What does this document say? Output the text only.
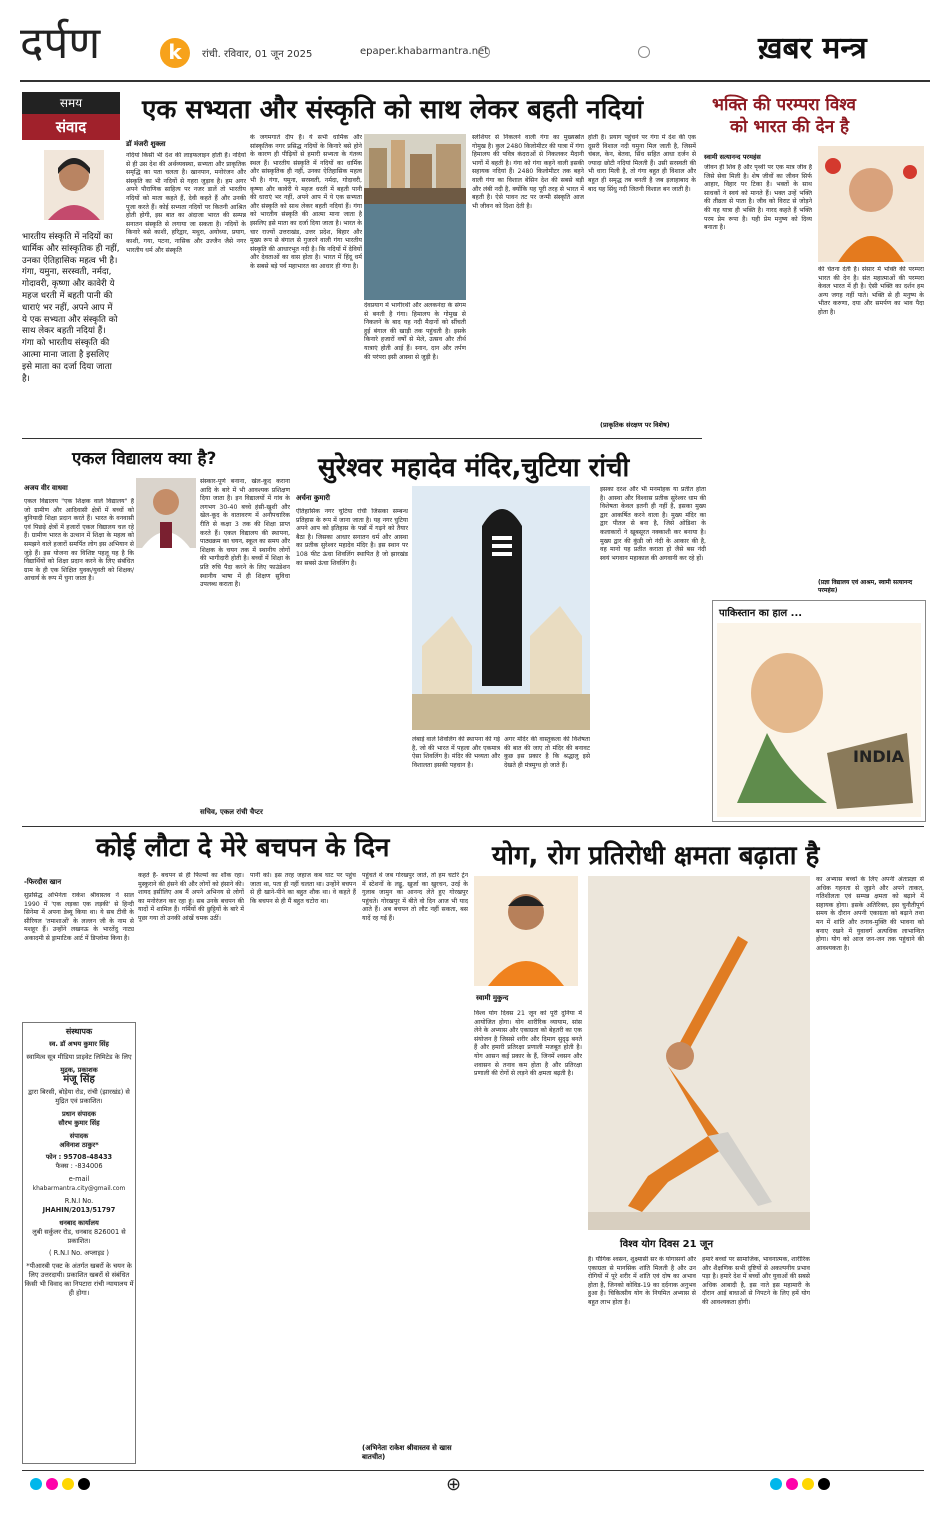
दर्पण	k	रांची. रविवार, 01 जून 2025	epaper.khabarmantra.net	ख़बर मन्त्र
समय
संवाद
भारतीय संस्कृति में नदियों का धार्मिक और सांस्कृतिक ही नहीं, उनका ऐतिहासिक महत्व भी है। गंगा, यमुना, सरस्वती, नर्मदा, गोदावरी, कृष्णा और कावेरी ये महज धरती में बहती पानी की धाराएं भर नहीं, अपने आप में ये एक सभ्यता और संस्कृति को साथ लेकर बहती नदियां हैं। गंगा को भारतीय संस्कृति की आत्मा माना जाता है इसलिए इसे माता का दर्जा दिया जाता है।
एक सभ्यता और संस्कृति को साथ लेकर बहती नदियां
डॉ मंजरी शुक्ला
नदियां किसी भी देश की लाइफलाइन होती हैं। नदियों से ही उस देश की अर्थव्यवस्था, सभ्यता और प्राकृतिक समृद्धि का पता चलता है। खानपान, मनोरंजन और संस्कृति का भी नदियों से गहरा जुड़ाव है। हम अगर अपने पौराणिक साहित्य पर नजर डालें तो भारतीय नदियों को माता कहते हैं, देवी कहते हैं और उनकी पूजा करते हैं। कोई सभ्यता नदियों पर कितनी आश्रित होती होगी, इस बात का अंदाजा भारत की सम्पन्न सनातन संस्कृति से लगाया जा सकता है। नदियों के किनारे बसे काशी, हरिद्वार, मथुरा, अयोध्या, प्रयाग, काशी, गया, पटना, नासिक और उज्जैन जैसे नगर भारतीय धर्म और संस्कृति
के जगमगाते दीप हैं। ये सभी धार्मिक और सांस्कृतिक नगर प्रसिद्ध नदियों के किनारे बसे होने के कारण ही पीढ़ियों से हमारी सभ्यता के गंतव्य स्थल हैं। भारतीय संस्कृति में नदियों का धार्मिक और सांस्कृतिक ही नहीं, उनका ऐतिहासिक महत्व भी है। गंगा, यमुना, सरस्वती, नर्मदा, गोदावरी, कृष्णा और कावेरी ये महज धरती में बहती पानी की धाराएं भर नहीं, अपने आप में ये एक सभ्यता और संस्कृति को साथ लेकर बहती नदियां हैं। गंगा को भारतीय संस्कृति की आत्मा माना जाता है इसलिए इसे माता का दर्जा दिया जाता है। भारत के चार राज्यों उत्तराखंड, उत्तर प्रदेश, बिहार और मुख्य रूप से बंगाल से गुजरने वाली गंगा भारतीय संस्कृति की आधारभूत नदी है। कि नदियों में देवियों और देवताओं का वास होता है। भारत में हिंदू धर्म के सबसे बड़े पर्व महाभारत का आधार ही गंगा है।
देवप्रयाग में भागीरथी और अलकनंदा के संगम से बनती है गंगा। हिमालय के गोमुख से निकलने के बाद यह नदी मैदानों को सींचती हुई बंगाल की खाड़ी तक पहुंचती है। इसके किनारे हजारों वर्षों से मेले, उत्सव और तीर्थ यात्राएं होती आई हैं। स्नान, दान और तर्पण की परंपरा इसी आस्था से जुड़ी है।
स्लेशियर से निकलने वाली गंगा का मुख्यस्रोत गोमुख है। कुल 2480 किलोमीटर की यात्रा में गंगा हिमालय की पवित्र कंदराओं से निकलकर मैदानी भागों में बहती है। गंगा को गंगा कहने वाली इसकी सहायक नदियां हैं। 2480 किलोमीटर तक बहने वाली गंगा का विशाल बेसिन देश की सबसे बड़ी और लंबी नदी है, क्योंकि यह पूरी तरह से भारत में बहती है। ऐसे पावन तट पर जन्मी संस्कृति आज भी जीवन को दिशा देती है।
होती है। प्रयाग पहुंचने पर गंगा में देश की एक दूसरी विशाल नदी यमुना मिल जाती है, जिसमें चंबल, केन, बेतवा, सिंध सहित आधा दर्जन से ज्यादा छोटी नदियां मिलती हैं। उसी सरस्वती की भी धारा मिली है, तो गंगा बहुत ही विशाल और बहुत ही समृद्ध तब बनती है जब इलाहाबाद के बाद यह सिंधु नदी जितनी विशाल बन जाती है।
(प्राकृतिक संरक्षण पर विशेष)
भक्ति की परम्परा विश्व
को भारत की देन है
स्वामी सत्यानन्द परमहंस
जीवन ही शिव है और पृथ्वी पर एक मात्र जीव है जिसे सेवा मिली है। शेष जीवों का जीवन सिर्फ आहार, विहार पर टिका है। भक्तों के साथ साधकों ने स्वयं को मानते हैं। भक्त उन्हें भक्ति की तीव्रता से पाता है। जीव को विराट से जोड़ने की यह यात्रा ही भक्ति है। नारद कहते हैं भक्ति परम प्रेम रूपा है। यही प्रेम मनुष्य को दिव्य बनाता है।
की चेतना देती है। संसार में भक्ति की परम्परा भारत की देन है। संत महात्माओं की परम्परा केवल भारत में ही है। ऐसी भक्ति का दर्शन हम अन्य जगह नहीं पाते। भक्ति से ही मनुष्य के भीतर करुणा, दया और समर्पण का भाव पैदा होता है।
(प्रज्ञा विद्यालय एवं आश्रम, स्वामी सत्यानन्द परमहंस)
एकल विद्यालय क्या है?
अजय वीर वाधवा
एकल विद्यालय "एक शिक्षक वाले विद्यालय" हैं जो ग्रामीण और आदिवासी क्षेत्रों में बच्चों को बुनियादी शिक्षा प्रदान करते हैं। भारत के वनवासी एवं पिछड़े क्षेत्रों में हजारों एकल विद्यालय चल रहे हैं। ग्रामीण भारत के उत्थान में शिक्षा के महत्व को समझने वाले हजारों समर्पित लोग इस अभियान से जुड़े हैं। इस योजना का विशिष्ट पहलू यह है कि विद्यार्थियों को शिक्षा प्रदान करने के लिए संबंधित ग्राम के ही एक शिक्षित युवक/युवती को शिक्षक/आचार्य के रूप में चुना जाता है।
संस्कार-पूर्ण बनाना, खेल-कूद कराना आदि के बारे में भी आवश्यक प्रशिक्षण दिया जाता है। इन विद्यालयों में गांव के लगभग 30-40 बच्चे हंसी-खुशी और खेल-कूद के वातावरण में अनौपचारिक रीति से कक्षा 3 तक की शिक्षा प्राप्त करते हैं। एकल विद्यालय की स्थापना, पाठ्यक्रम का चयन, स्कूल का समय और शिक्षक के चयन तक में स्थानीय लोगों की भागीदारी होती है। बच्चों में शिक्षा के प्रति रुचि पैदा करने के लिए फाउंडेशन स्थानीय भाषा में ही शिक्षण सुविधा उपलब्ध कराता है।
सचिव, एकल रांची चैप्टर
सुरेश्वर महादेव मंदिर,चुटिया रांची
अर्चना कुमारी
ऐतिहासिक नगर चुटिया रांची जिसका सम्बन्ध प्रतिहास के रूप में जाना जाता है। यह नगर चुटिया अपने आप को इतिहास के पन्नों में गढ़ने को तैयार बैठा है। जिसका आधार सनातन धर्म और आस्था का प्रतीक सुरेश्वर महादेव मंदिर है। इस स्थान पर 108 फीट ऊंचा शिवलिंग स्थापित है जो झारखंड का सबसे ऊंचा शिवलिंग है।
लंबाई वाले शिवलिंग की स्थापना की गई है, जो की भारत में पहला और एकमात्र ऐसा शिवलिंग है। मंदिर की भव्यता और विशालता इसकी पहचान है।
अगर मंदिर की वास्तुकला की विशेषता की बात की जाए तो मंदिर की बनावट कुछ इस प्रकार है कि श्रद्धालु इसे देखते ही मंत्रमुग्ध हो जाते हैं।
इसका दरश और भी मनमोहक या प्रतीत होता है। आस्था और विश्वास प्रतीक सुरेश्वर धाम की विशेषता केवल इतनी ही नहीं है, इसका मुख्य द्वार आकर्षित करने वाला है। मुख्य मंदिर का द्वार पीतल से बना है, जिसे ओडिशा के कलाकारों ने खूबसूरत नक्काशी कर बनाया है। मुख्य द्वार की कुंडी जो नंदी के आकार की है, वह मानो यह प्रतीत कराता हो जैसे बस नंदी स्वयं भगवान महाकाल की अगवानी कर रहे हों।
पाकिस्तान का हाल ...
INDIA
कोई लौटा दे मेरे बचपन के दिन
-फिरदौस खान
सुप्रसिद्ध अभिनेता राकेश श्रीवास्तव ने साल 1990 में 'एक लड़का एक लड़की' से हिन्दी सिनेमा में अपना डेब्यू किया था। ये सब टीवी के सीरियल 'तमाशाओं' के लल्लन जी के नाम से मशहूर हैं। उन्होंने लखनऊ के भारतेंदु नाट्य अकादमी से ड्रामाटिक आर्ट में डिप्लोमा किया है।
कहते हैं- बचपन से ही फिल्मों का शौक रहा। मुस्कुराने की हंसने की और लोगों को हंसाने की। शायद इसीलिए अब मैं अपने अभिनय से लोगों का मनोरंजन कर रहा हूं। सब उनके बचपन की यादों में शामिल हैं। गर्मियों की छुट्टियों के बारे में पूछा गया तो उनकी आंखें चमक उठीं।
पानी को। इस तरह जहाज कब घाट पर पहुंच जाता था, पता ही नहीं चलता था। उन्होंने बचपन से ही खाने-पीने का बहुत शौक था। वे कहते हैं कि बचपन से ही मैं बहुत चटोरा था।
पहुंचते थे जब गोरखपुर जाते, तो हम चटोरे ट्रेन में स्टेशनों के लड्डू, खुर्जा का खुरचन, उरई के गुलाब जामुन का आनन्द लेते हुए गोरखपुर पहुंचते। गोरखपुर में बीते वो दिन आज भी याद आते हैं। अब बचपन तो लौट नहीं सकता, बस यादें रह गई हैं।
(अभिनेता राकेश श्रीवास्तव से खास बातचीत)
संस्थापक
स्व. डॉ अभय कुमार सिंह
स्वामित्व सूत्र मीडिया प्राइवेट लिमिटेड के लिए
मुद्रक, प्रकाशक
मंजू सिंह
द्वारा बिरसी, बोड़ेया रोड, रांची (झारखंड) से मुद्रित एवं प्रकाशित।
प्रधान संपादक
सौरभ कुमार सिंह
संपादक
अविनाश ठाकुर*
फोन : 95708-48433
फैक्स : -834006
e-mail
khabarmantra.city@gmail.com
R.N.I No.
JHAHIN/2013/51797
धनबाद कार्यालय
लुबी सर्कुलर रोड, धनबाद 826001 से प्रकाशित।
( R.N.I No. अप्लाइड )
*पीआरबी एक्ट के अंतर्गत खबरों के चयन के लिए उत्तरदायी। प्रकाशित खबरों से संबंधित किसी भी विवाद का निपटारा रांची न्यायालय में ही होगा।
योग, रोग प्रतिरोधी क्षमता बढ़ाता है
स्वामी मुकुन्द
विश्व योग दिवस 21 जून को पूरी दुनिया में आयोजित होगा। योग शारीरिक व्यायाम, सांस लेने के अभ्यास और एकाग्रता को बेहतरी का एक संयोजन है जिससे शरीर और दिमाग सुदृढ़ बनते हैं और हमारी प्रतिरक्षा प्रणाली मजबूत होती है। योग आसन कई प्रकार के हैं, जिनमें श्वसन और शवासन से तनाव कम होता है और प्रतिरक्षा प्रणाली की रोगों से लड़ने की क्षमता बढ़ती है।
विश्व योग दिवस 21 जून
है। यौगिक श्वसन, शुक्ष्मासी सर के योगासनों और एकाग्रता से मानसिक शांति मिलती है और उन रोगियों में पूरे शरीर में शांति एवं दोष का अभाव होता है, जिनको कोविड-19 का दर्दनाक अनुभव हुआ है। चिकित्सीय योग के नियमित अभ्यास से बहुत लाभ होता है।
हमारे बच्चों पर सामाजिक, भावनात्मक, शारीरिक और शैक्षणिक सभी दृष्टियों से अकल्पनीय प्रभाव पड़ा है। हमारे देश में बच्चों और युवाओं की सबसे अधिक आबादी है, इस नाते इस महामारी के दौरान आई बाधाओं से निपटने के लिए हमें योग की आवश्यकता होगी।
का अभ्यास बच्चों के लिए अपनी अंतःप्रज्ञा से अधिक गहनता से जुड़ने और अपने ताकत, गतिशीलता एवं सम्पन्न क्षमता को बढ़ाने में सहायक होगा। इसके अतिरिक्त, इस चुनौतीपूर्ण समय के दौरान अपनी एकाग्रता को बढ़ाने तथा मन में शांति और तनाव-मुक्ति की भावना को बनाए रखने में युवावर्ग अत्यधिक लाभान्वित होगा। योग को आज जन-जन तक पहुंचाने की आवश्यकता है।
⊕
